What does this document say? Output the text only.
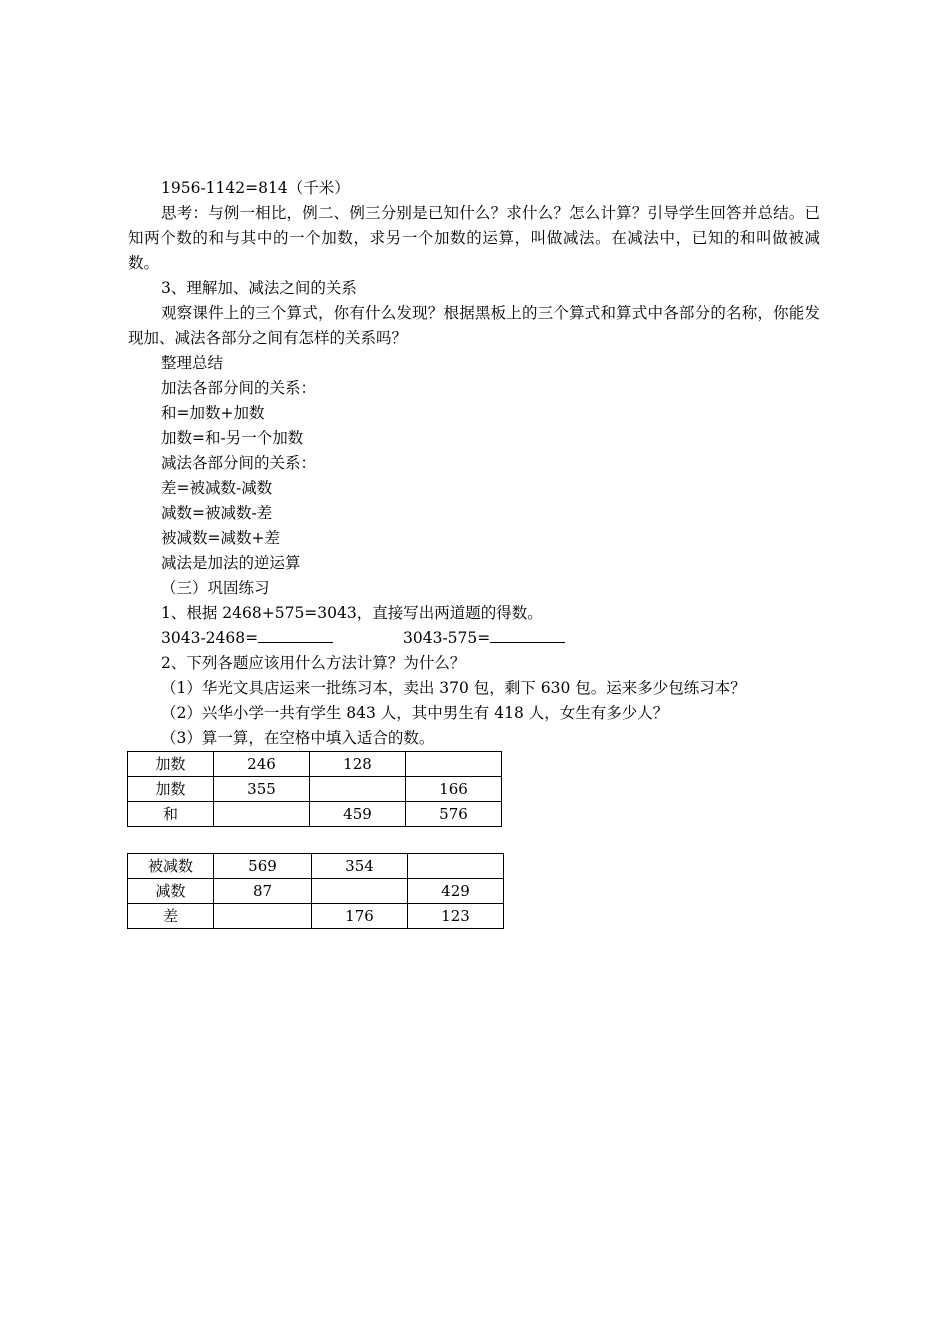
1956-1142=814（千米）
思考：与例一相比，例二、例三分别是已知什么？求什么？怎么计算？引导学生回答并总结。已知两个数的和与其中的一个加数，求另一个加数的运算，叫做减法。在减法中，已知的和叫做被减数。
3、理解加、减法之间的关系
观察课件上的三个算式，你有什么发现？根据黑板上的三个算式和算式中各部分的名称，你能发现加、减法各部分之间有怎样的关系吗？
整理总结
加法各部分间的关系：
和=加数+加数
加数=和-另一个加数
减法各部分间的关系：
差=被减数-减数
减数=被减数-差
被减数=减数+差
减法是加法的逆运算
（三）巩固练习
1、根据 2468+575=3043，直接写出两道题的得数。
3043-2468=	3043-575=
2、下列各题应该用什么方法计算？为什么？
（1）华光文具店运来一批练习本，卖出 370 包，剩下 630 包。运来多少包练习本？
（2）兴华小学一共有学生 843 人，其中男生有 418 人，女生有多少人？
（3）算一算，在空格中填入适合的数。
加数	246	128	
加数	355		166
和		459	576
被减数	569	354	
减数	87		429
差		176	123
